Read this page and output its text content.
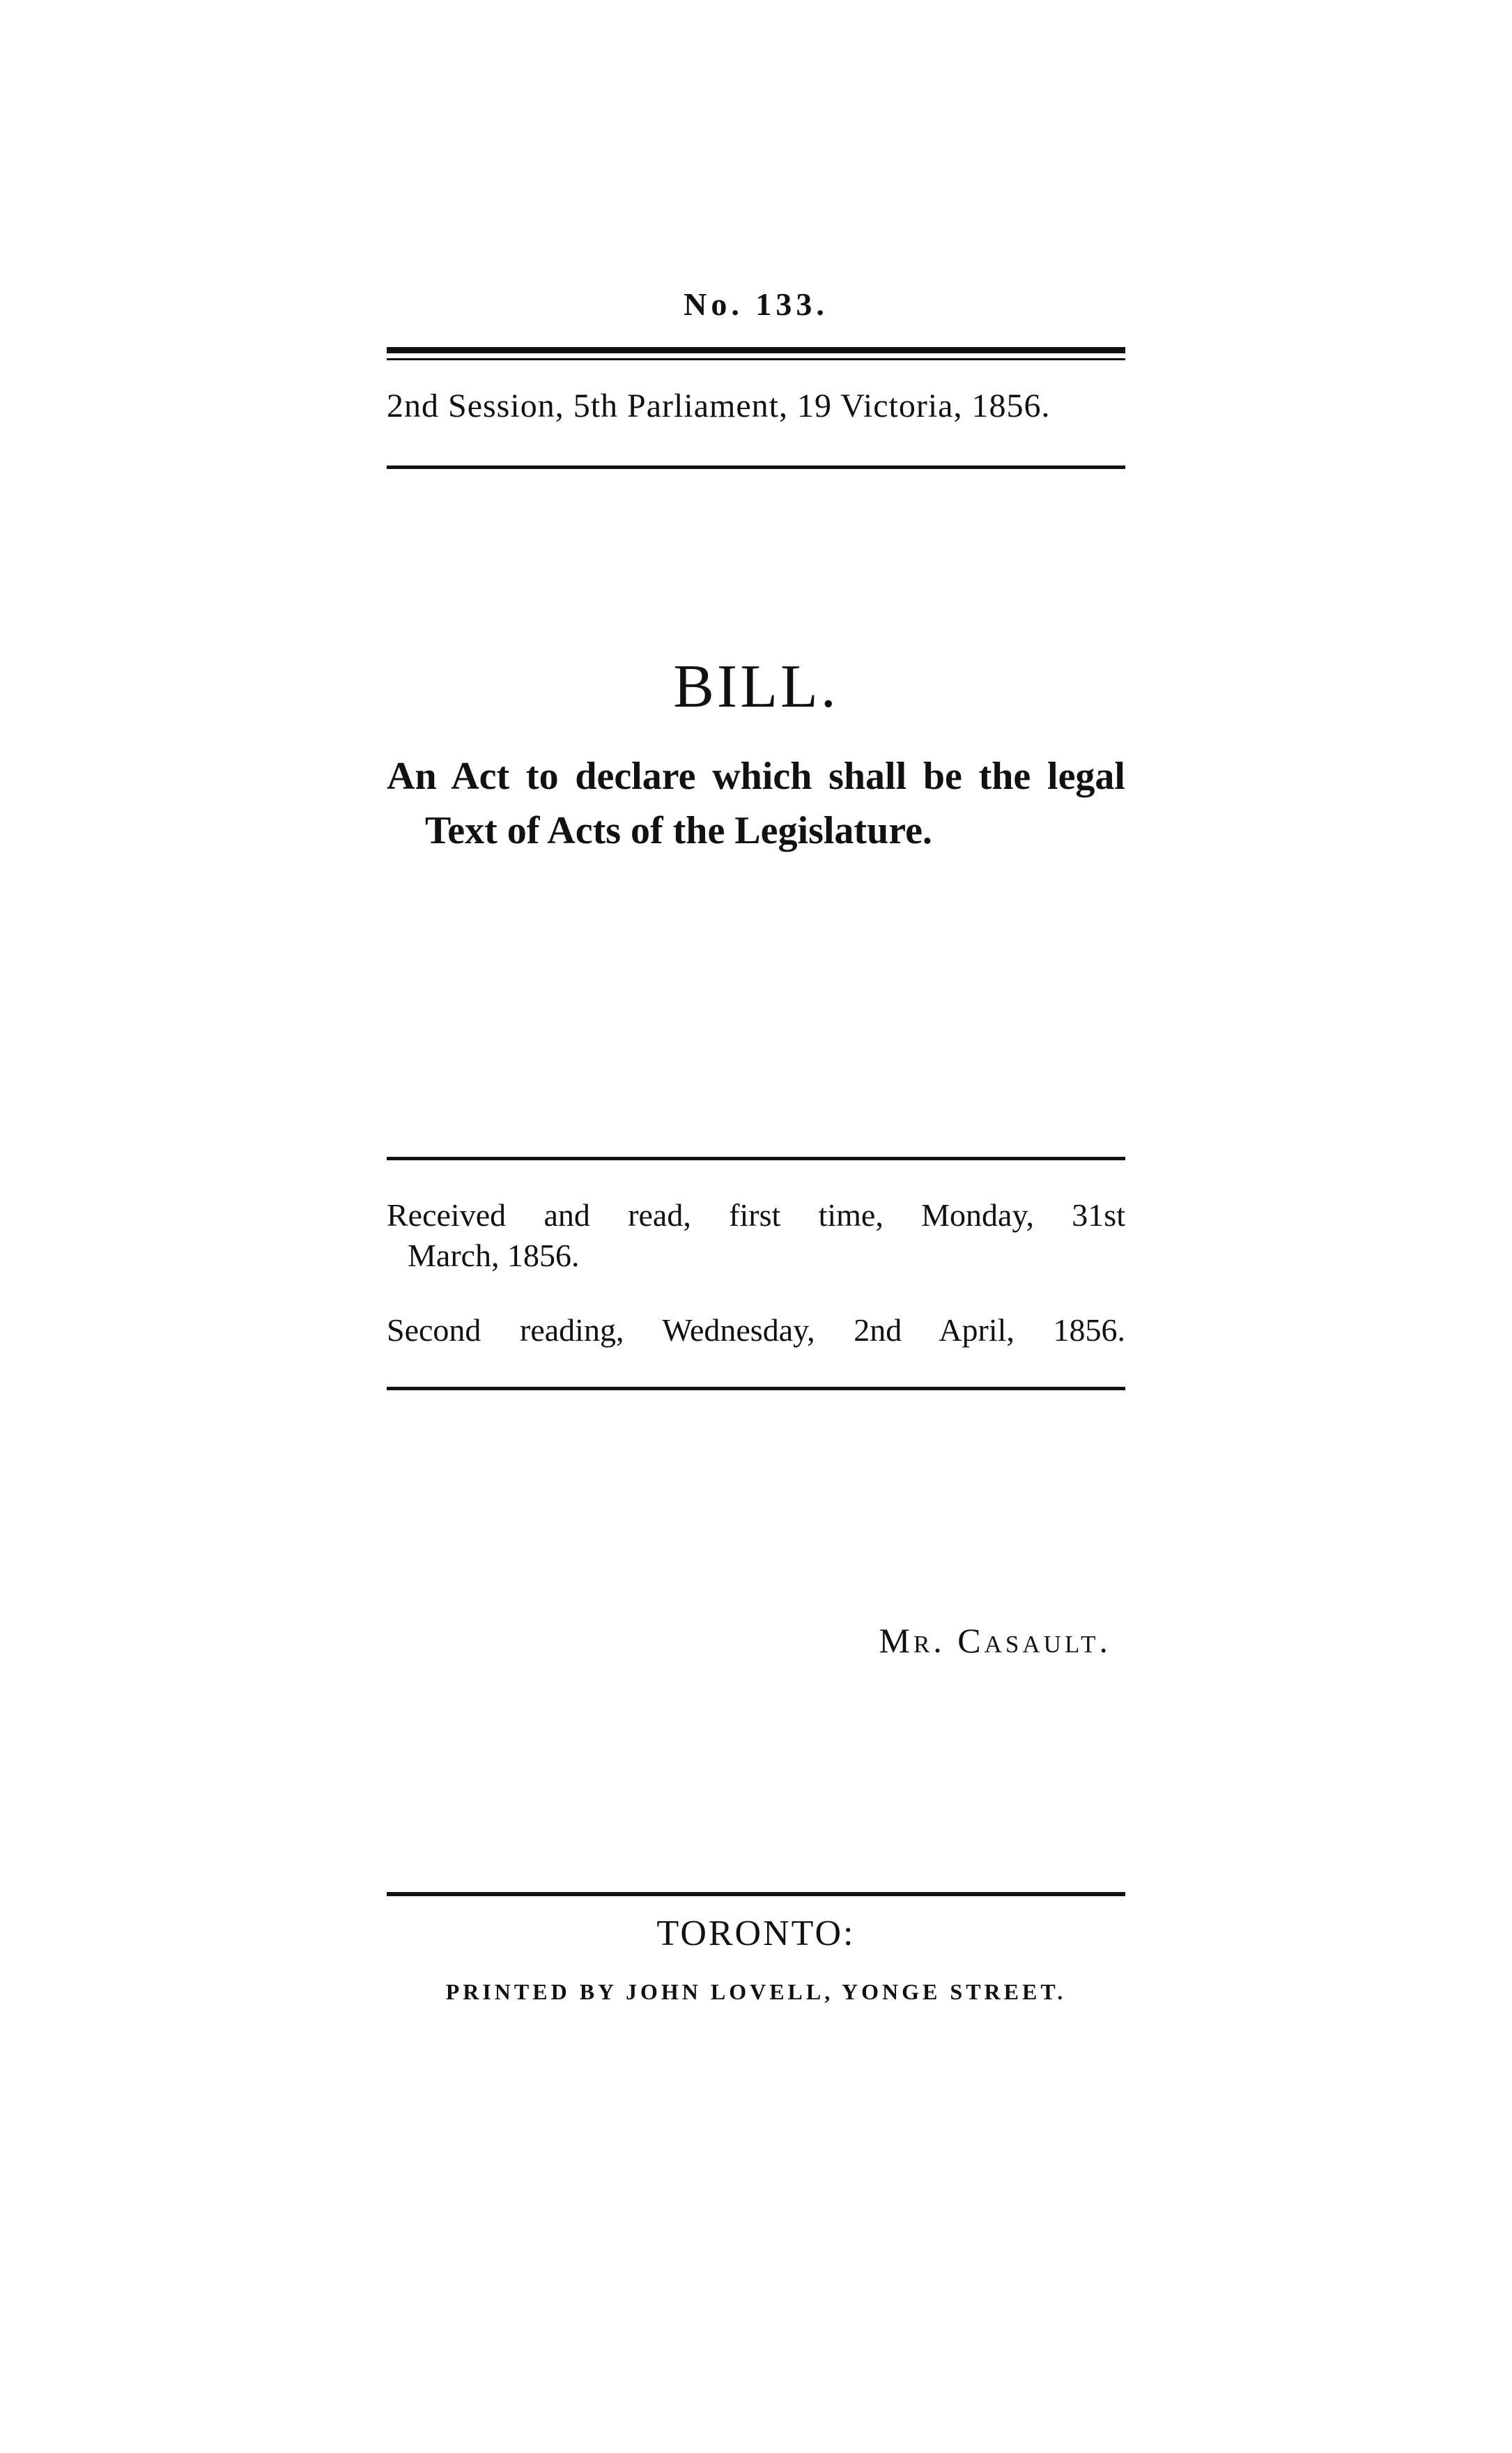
No. 133.
2nd Session, 5th Parliament, 19 Victoria, 1856.
BILL.
An Act to declare which shall be the legal
Text of Acts of the Legislature.
Received and read, first time, Monday, 31st
March, 1856.
Second reading, Wednesday, 2nd April, 1856.
Mr. Casault.
TORONTO:
PRINTED BY JOHN LOVELL, YONGE STREET.
